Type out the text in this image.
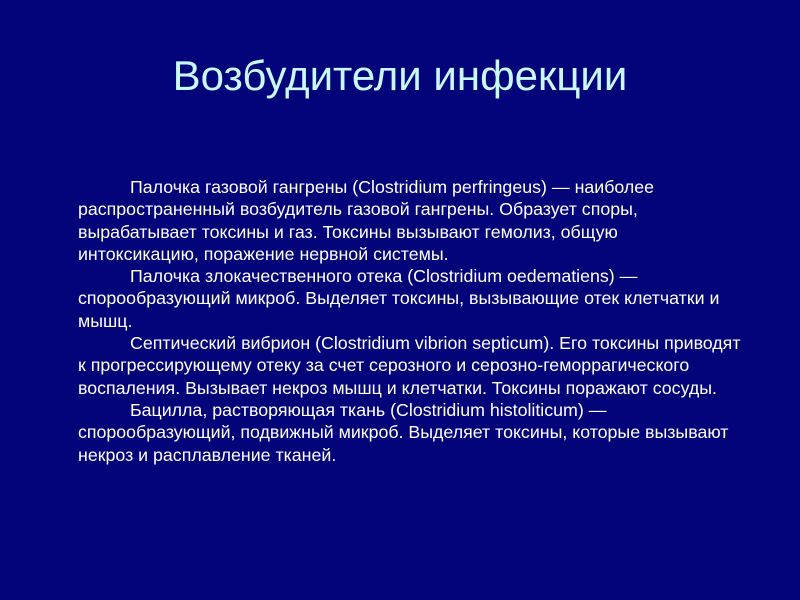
Возбудители инфекции

Палочка газовой гангрены (Clostridium perfringeus) — наиболее распространенный возбудитель газовой гангрены. Образует споры, вырабатывает токсины и газ. Токсины вызывают гемолиз, общую интоксикацию, поражение нервной системы.

Палочка злокачественного отека (Clostridium oedematiens) — спорообразующий микроб. Выделяет токсины, вызывающие отек клетчатки и мышц.

Септический вибрион (Clostridium vibrion septicum). Его токсины приводят к прогрессирующему отеку за счет серозного и серозно-геморрагического воспаления. Вызывает некроз мышц и клетчатки. Токсины поражают сосуды.

Бацилла, растворяющая ткань (Clostridium histoliticum) — спорообразующий, подвижный микроб. Выделяет токсины, которые вызывают некроз и расплавление тканей.
